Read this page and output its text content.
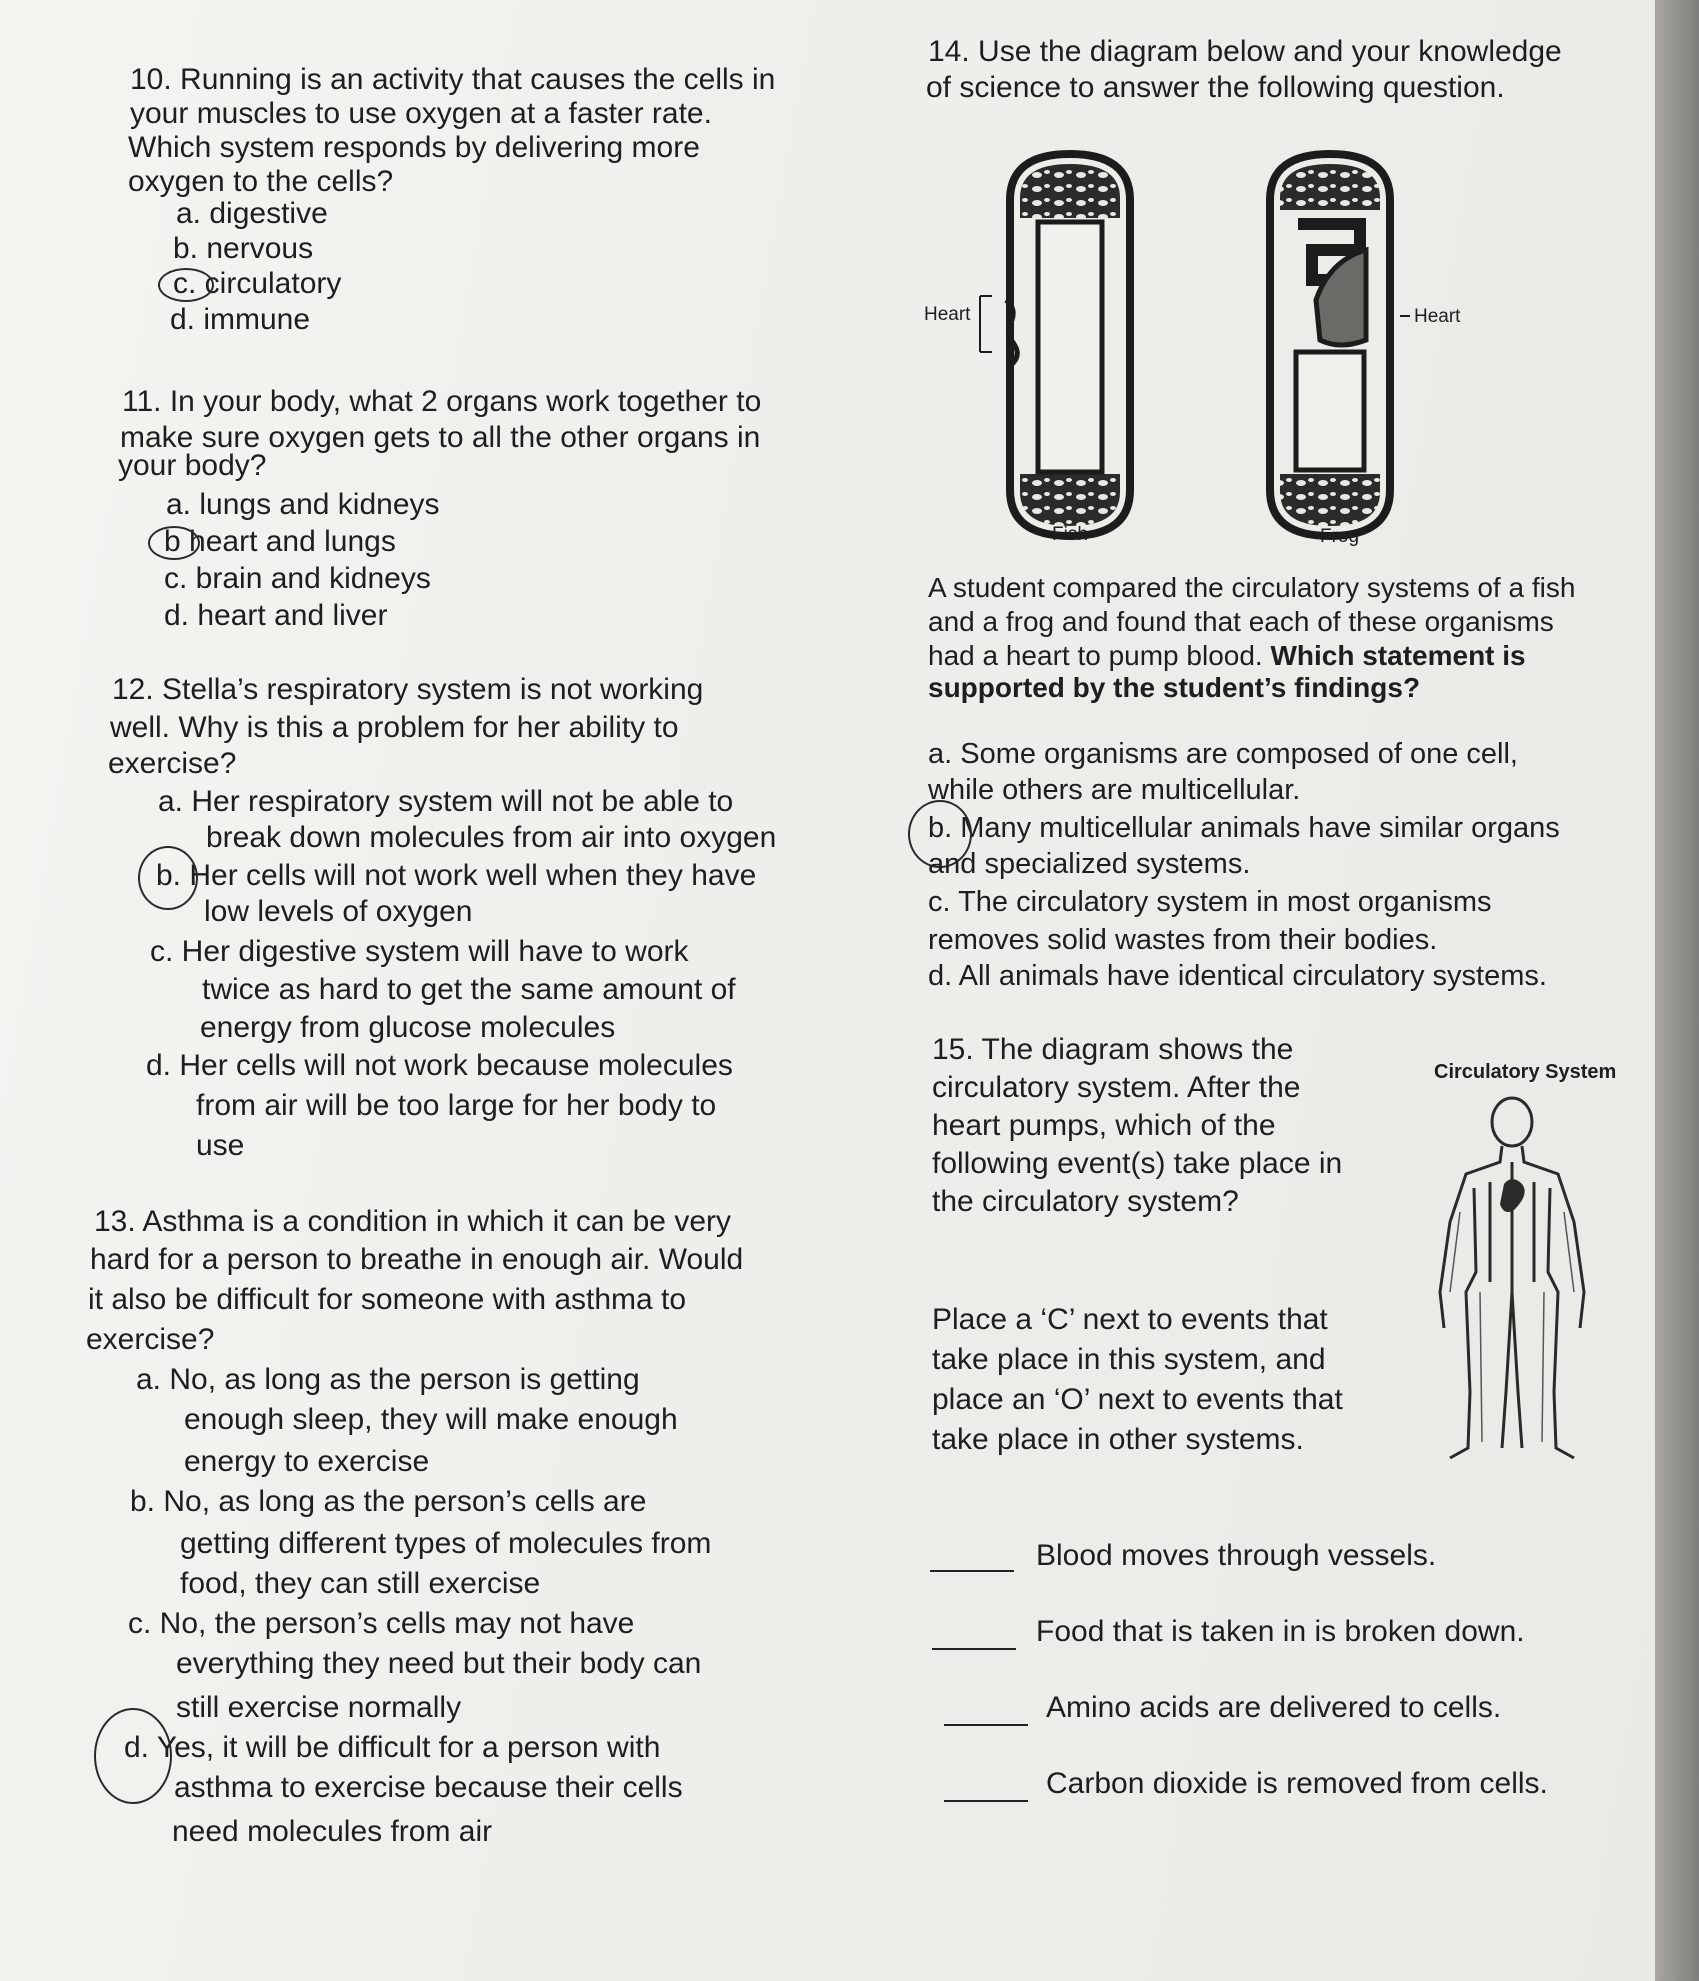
10. Running is an activity that causes the cells in
your muscles to use oxygen at a faster rate.
Which system responds by delivering more
oxygen to the cells?
a. digestive
b. nervous
c. circulatory
d. immune
11. In your body, what 2 organs work together to
make sure oxygen gets to all the other organs in
your body?
a. lungs and kidneys
b heart and lungs
c. brain and kidneys
d. heart and liver
12. Stella’s respiratory system is not working
well. Why is this a problem for her ability to
exercise?
a. Her respiratory system will not be able to
break down molecules from air into oxygen
b. Her cells will not work well when they have
low levels of oxygen
c. Her digestive system will have to work
twice as hard to get the same amount of
energy from glucose molecules
d. Her cells will not work because molecules
from air will be too large for her body to
use
13. Asthma is a condition in which it can be very
hard for a person to breathe in enough air. Would
it also be difficult for someone with asthma to
exercise?
a. No, as long as the person is getting
enough sleep, they will make enough
energy to exercise
b. No, as long as the person’s cells are
getting different types of molecules from
food, they can still exercise
c. No, the person’s cells may not have
everything they need but their body can
still exercise normally
d. Yes, it will be difficult for a person with
asthma to exercise because their cells
need molecules from air
14. Use the diagram below and your knowledge
of science to answer the following question.
Heart	Heart
Fish	Frog
A student compared the circulatory systems of a fish
and a frog and found that each of these organisms
had a heart to pump blood. Which statement is
supported by the student’s findings?
a. Some organisms are composed of one cell,
while others are multicellular.
b. Many multicellular animals have similar organs
and specialized systems.
c. The circulatory system in most organisms
removes solid wastes from their bodies.
d. All animals have identical circulatory systems.
15. The diagram shows the
circulatory system. After the
heart pumps, which of the
following event(s) take place in
the circulatory system?
Circulatory System
Place a ‘C’ next to events that
take place in this system, and
place an ‘O’ next to events that
take place in other systems.
Blood moves through vessels.
Food that is taken in is broken down.
Amino acids are delivered to cells.
Carbon dioxide is removed from cells.
